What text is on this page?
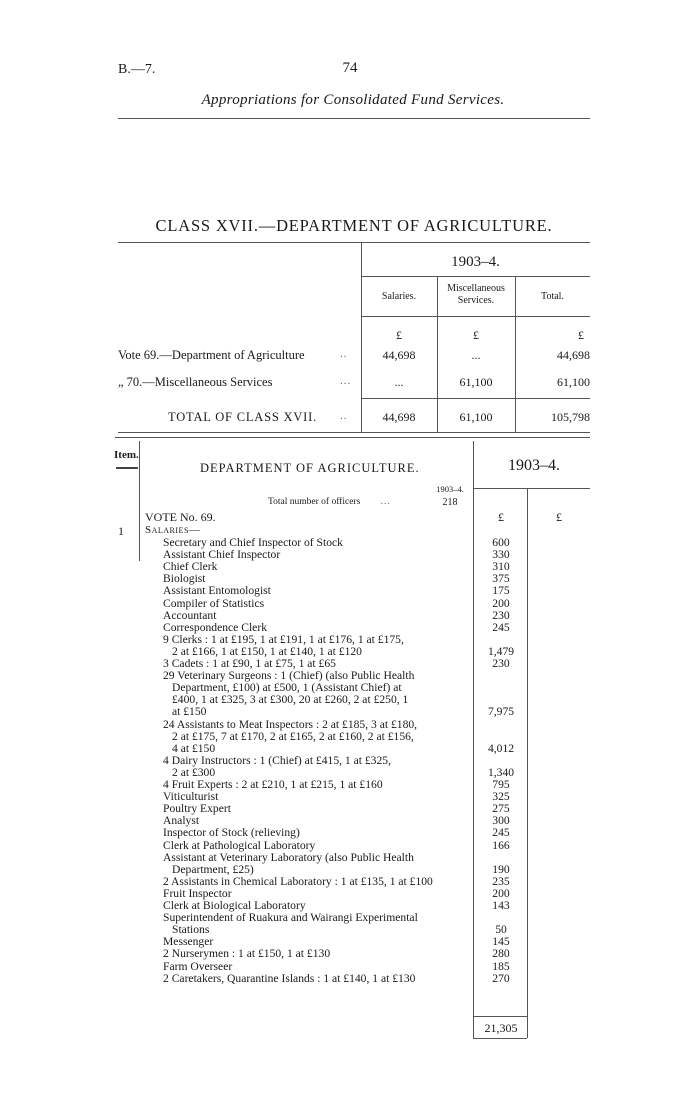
B.—7.	74
Appropriations for Consolidated Fund Services.
CLASS XVII.—DEPARTMENT OF AGRICULTURE.
1903–4.
Salaries.
Miscellaneous
Services.	Total.
£	£	£
Vote 69.—Department of Agriculture	..	44,698	...	44,698
„ 70.—Miscellaneous Services	...	...	61,100	61,100
TOTAL OF CLASS XVII. ..	44,698	61,100	105,798
Item.
DEPARTMENT OF AGRICULTURE.	1903–4.
1903–4.
Total number of officers ...	218
VOTE No. 69.	£	£
1 Salaries—
Secretary and Chief Inspector of Stock	600
Assistant Chief Inspector	330
Chief Clerk	310
Biologist	375
Assistant Entomologist	175
Compiler of Statistics	200
Accountant	230
Correspondence Clerk	245
9 Clerks : 1 at £195, 1 at £191, 1 at £176, 1 at £175,
2 at £166, 1 at £150, 1 at £140, 1 at £120	1,479
3 Cadets : 1 at £90, 1 at £75, 1 at £65	230
29 Veterinary Surgeons : 1 (Chief) (also Public Health
Department, £100) at £500, 1 (Assistant Chief) at
£400, 1 at £325, 3 at £300, 20 at £260, 2 at £250, 1
at £150	7,975
24 Assistants to Meat Inspectors : 2 at £185, 3 at £180,
2 at £175, 7 at £170, 2 at £165, 2 at £160, 2 at £156,
4 at £150	4,012
4 Dairy Instructors : 1 (Chief) at £415, 1 at £325,
2 at £300	1,340
4 Fruit Experts : 2 at £210, 1 at £215, 1 at £160	795
Viticulturist	325
Poultry Expert	275
Analyst	300
Inspector of Stock (relieving)	245
Clerk at Pathological Laboratory	166
Assistant at Veterinary Laboratory (also Public Health
Department, £25)	190
2 Assistants in Chemical Laboratory : 1 at £135, 1 at £100	235
Fruit Inspector	200
Clerk at Biological Laboratory	143
Superintendent of Ruakura and Wairangi Experimental
Stations	50
Messenger	145
2 Nurserymen : 1 at £150, 1 at £130	280
Farm Overseer	185
2 Caretakers, Quarantine Islands : 1 at £140, 1 at £130	270
21,305
